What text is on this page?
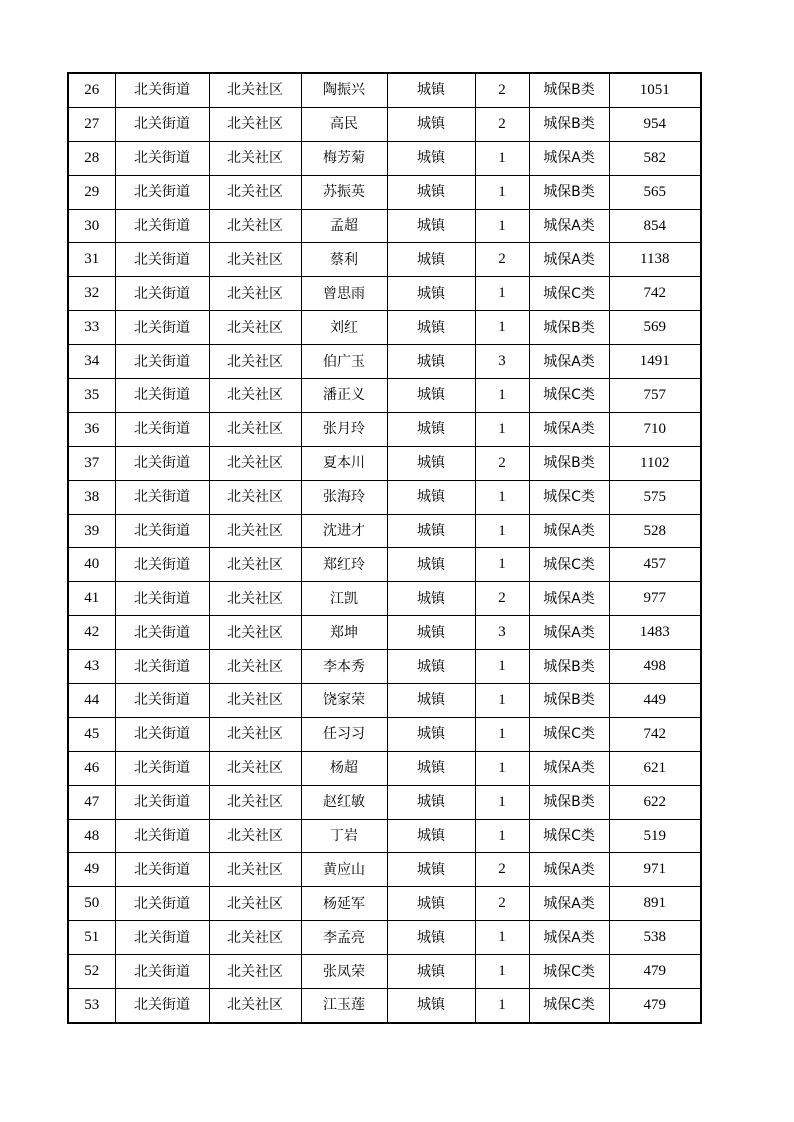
26	北关街道	北关社区	陶振兴	城镇	2	城保B类	1051
27	北关街道	北关社区	高民	城镇	2	城保B类	954
28	北关街道	北关社区	梅芳菊	城镇	1	城保A类	582
29	北关街道	北关社区	苏振英	城镇	1	城保B类	565
30	北关街道	北关社区	孟超	城镇	1	城保A类	854
31	北关街道	北关社区	蔡利	城镇	2	城保A类	1138
32	北关街道	北关社区	曾思雨	城镇	1	城保C类	742
33	北关街道	北关社区	刘红	城镇	1	城保B类	569
34	北关街道	北关社区	伯广玉	城镇	3	城保A类	1491
35	北关街道	北关社区	潘正义	城镇	1	城保C类	757
36	北关街道	北关社区	张月玲	城镇	1	城保A类	710
37	北关街道	北关社区	夏本川	城镇	2	城保B类	1102
38	北关街道	北关社区	张海玲	城镇	1	城保C类	575
39	北关街道	北关社区	沈进才	城镇	1	城保A类	528
40	北关街道	北关社区	郑红玲	城镇	1	城保C类	457
41	北关街道	北关社区	江凯	城镇	2	城保A类	977
42	北关街道	北关社区	郑坤	城镇	3	城保A类	1483
43	北关街道	北关社区	李本秀	城镇	1	城保B类	498
44	北关街道	北关社区	饶家荣	城镇	1	城保B类	449
45	北关街道	北关社区	任习习	城镇	1	城保C类	742
46	北关街道	北关社区	杨超	城镇	1	城保A类	621
47	北关街道	北关社区	赵红敏	城镇	1	城保B类	622
48	北关街道	北关社区	丁岩	城镇	1	城保C类	519
49	北关街道	北关社区	黄应山	城镇	2	城保A类	971
50	北关街道	北关社区	杨延军	城镇	2	城保A类	891
51	北关街道	北关社区	李孟亮	城镇	1	城保A类	538
52	北关街道	北关社区	张凤荣	城镇	1	城保C类	479
53	北关街道	北关社区	江玉莲	城镇	1	城保C类	479
